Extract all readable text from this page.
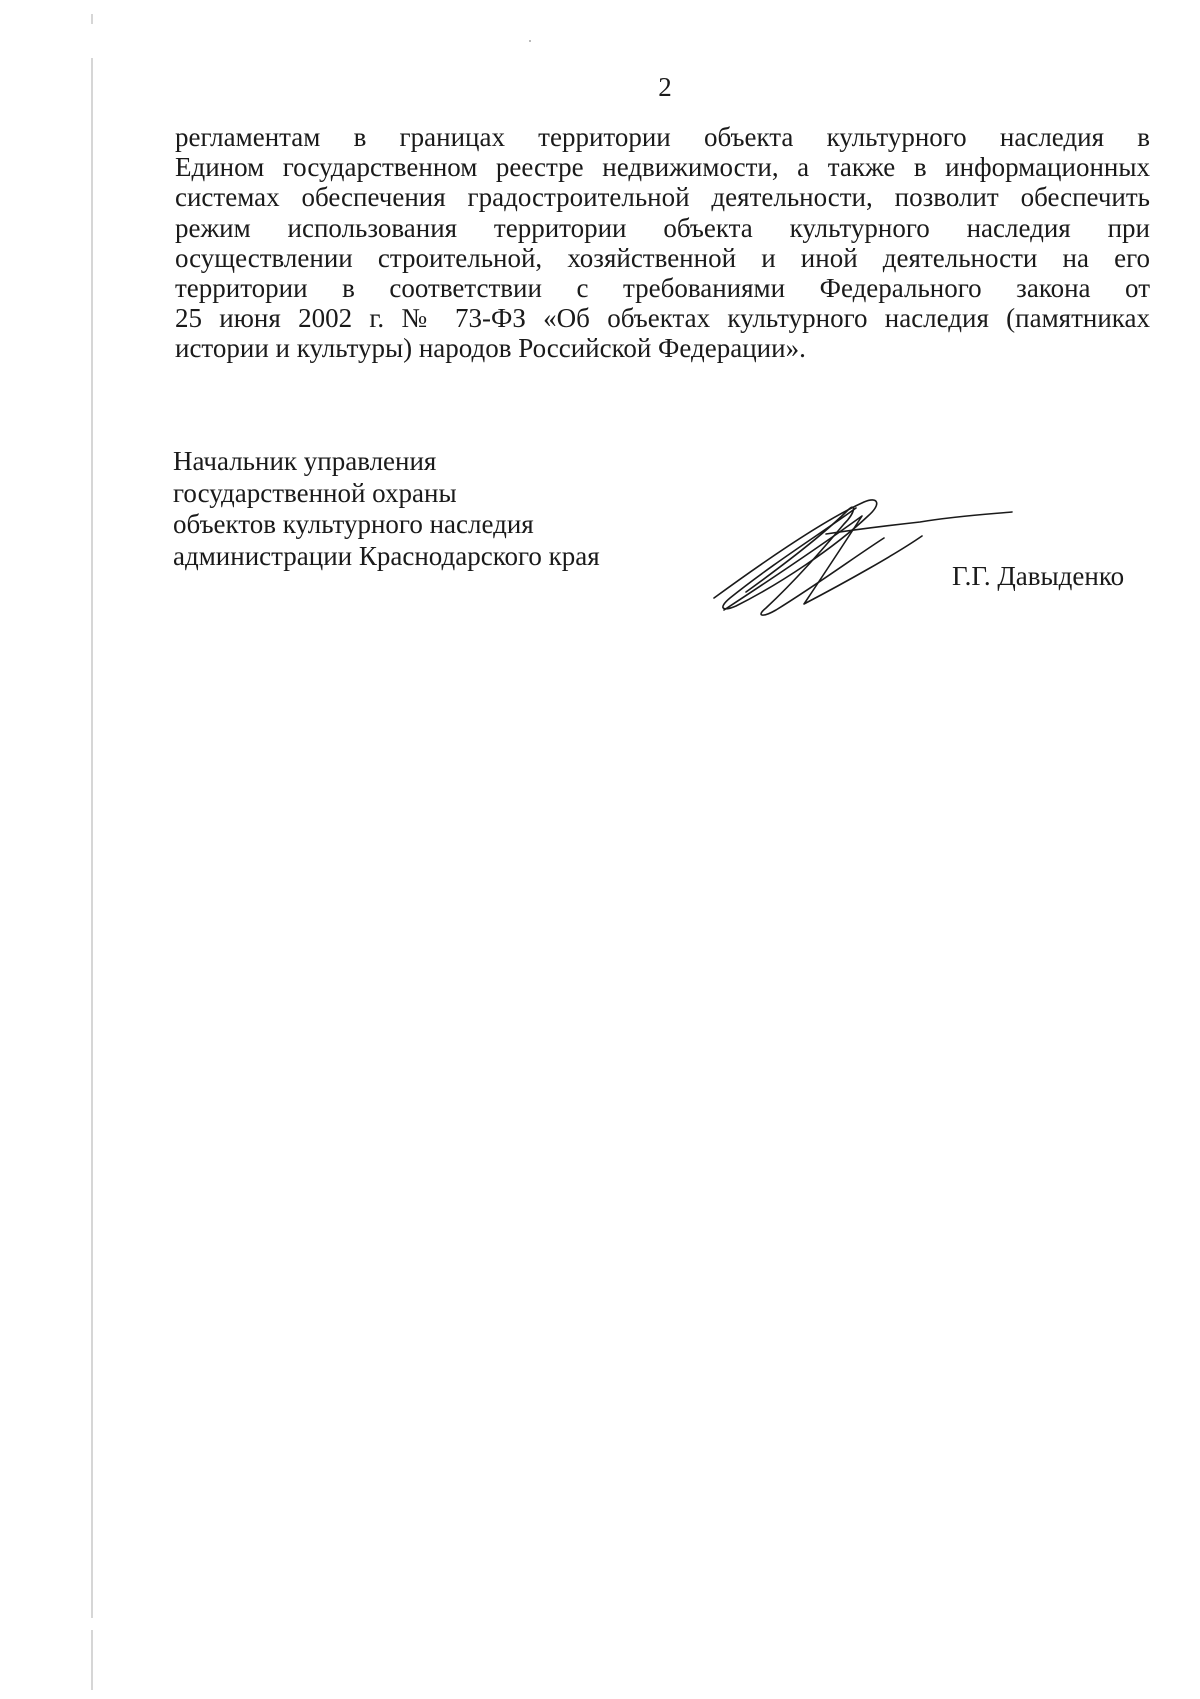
2
регламентам в границах территории объекта культурного наследия в
Едином государственном реестре недвижимости, а также в информационных
системах обеспечения градостроительной деятельности, позволит обеспечить
режим использования территории объекта культурного наследия при
осуществлении строительной, хозяйственной и иной деятельности на его
территории в соответствии с требованиями Федерального закона от
25 июня 2002 г. № 73-ФЗ «Об объектах культурного наследия (памятниках
истории и культуры) народов Российской Федерации».
Начальник управления
государственной охраны
объектов культурного наследия
администрации Краснодарского края
Г.Г. Давыденко
